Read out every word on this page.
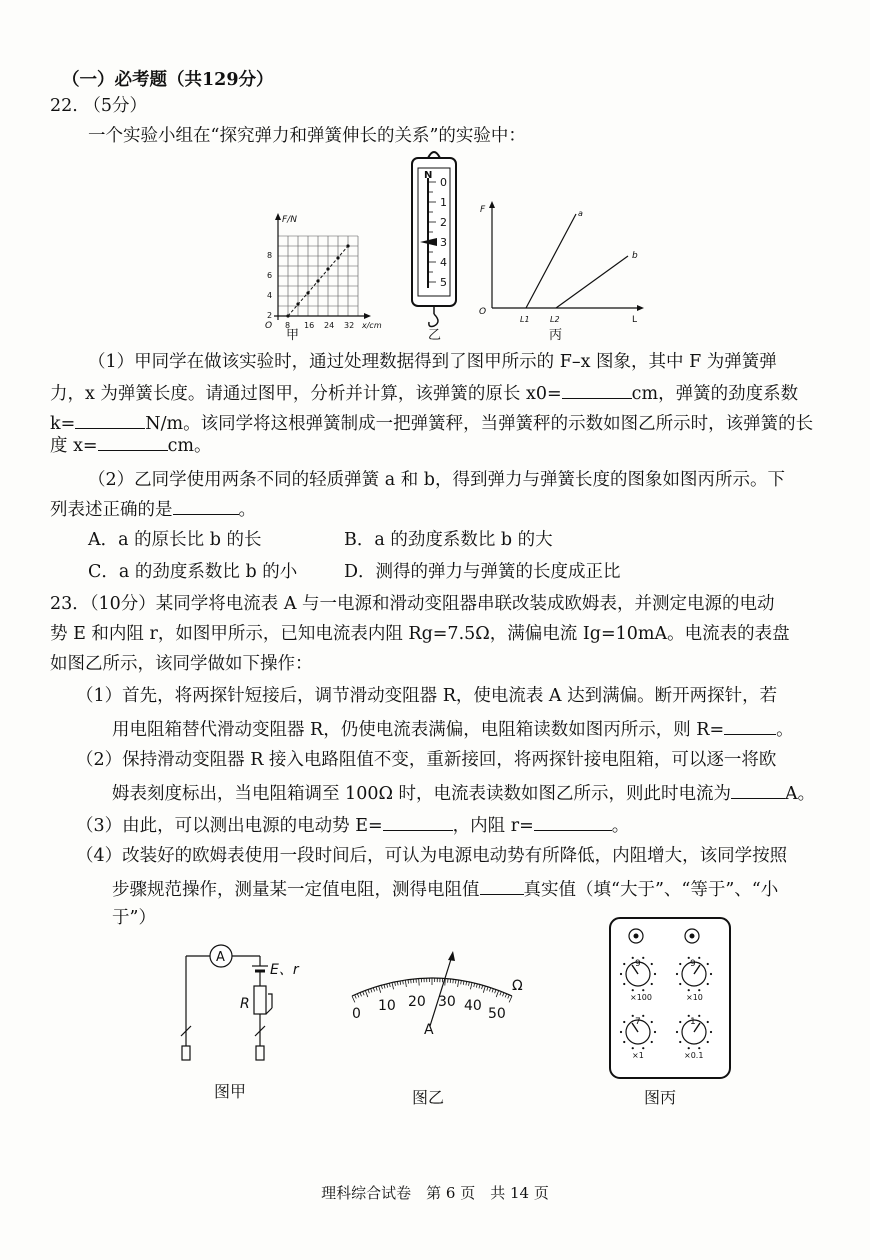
（一）必考题（共129分）
22. （5分）
一个实验小组在“探究弹力和弹簧伸长的关系”的实验中：
F/N
2
4
6
8
O 8 16 24 32 x/cm
甲
N
0
1
2
3
4
5
乙
F	a
b
O
L1	L2	L
丙
（1）甲同学在做该实验时，通过处理数据得到了图甲所示的 F–x 图象，其中 F 为弹簧弹
力，x 为弹簧长度。请通过图甲，分析并计算，该弹簧的原长 x0=	cm，弹簧的劲度系数
k=	N/m。该同学将这根弹簧制成一把弹簧秤，当弹簧秤的示数如图乙所示时，该弹簧的长
度 x=	cm。
（2）乙同学使用两条不同的轻质弹簧 a 和 b，得到弹力与弹簧长度的图象如图丙所示。下
列表述正确的是	。
A．a 的原长比 b 的长	B．a 的劲度系数比 b 的大
C．a 的劲度系数比 b 的小	D．测得的弹力与弹簧的长度成正比
23．（10分）某同学将电流表 A 与一电源和滑动变阻器串联改装成欧姆表，并测定电源的电动
势 E 和内阻 r，如图甲所示，已知电流表内阻 Rg=7.5Ω，满偏电流 Ig=10mA。电流表的表盘
如图乙所示，该同学做如下操作：
（1）首先，将两探针短接后，调节滑动变阻器 R，使电流表 A 达到满偏。断开两探针，若
用电阻箱替代滑动变阻器 R，仍使电流表满偏，电阻箱读数如图丙所示，则 R=	。
（2）保持滑动变阻器 R 接入电路阻值不变，重新接回，将两探针接电阻箱，可以逐一将欧
姆表刻度标出，当电阻箱调至 100Ω 时，电流表读数如图乙所示，则此时电流为	A。
（3）由此，可以测出电源的电动势 E=	，内阻 r=	。
（4）改装好的欧姆表使用一段时间后，可认为电源电动势有所降低，内阻增大，该同学按照
步骤规范操作，测量某一定值电阻，测得电阻值	真实值（填“大于”、“等于”、“小
于”）
A
E、r
R
图甲
0 10 20 30 40 50
Ω
A
图乙
×100	×10
×1	×0.1
9	9
7	1
图丙
理科综合试卷　第 6 页　共 14 页
